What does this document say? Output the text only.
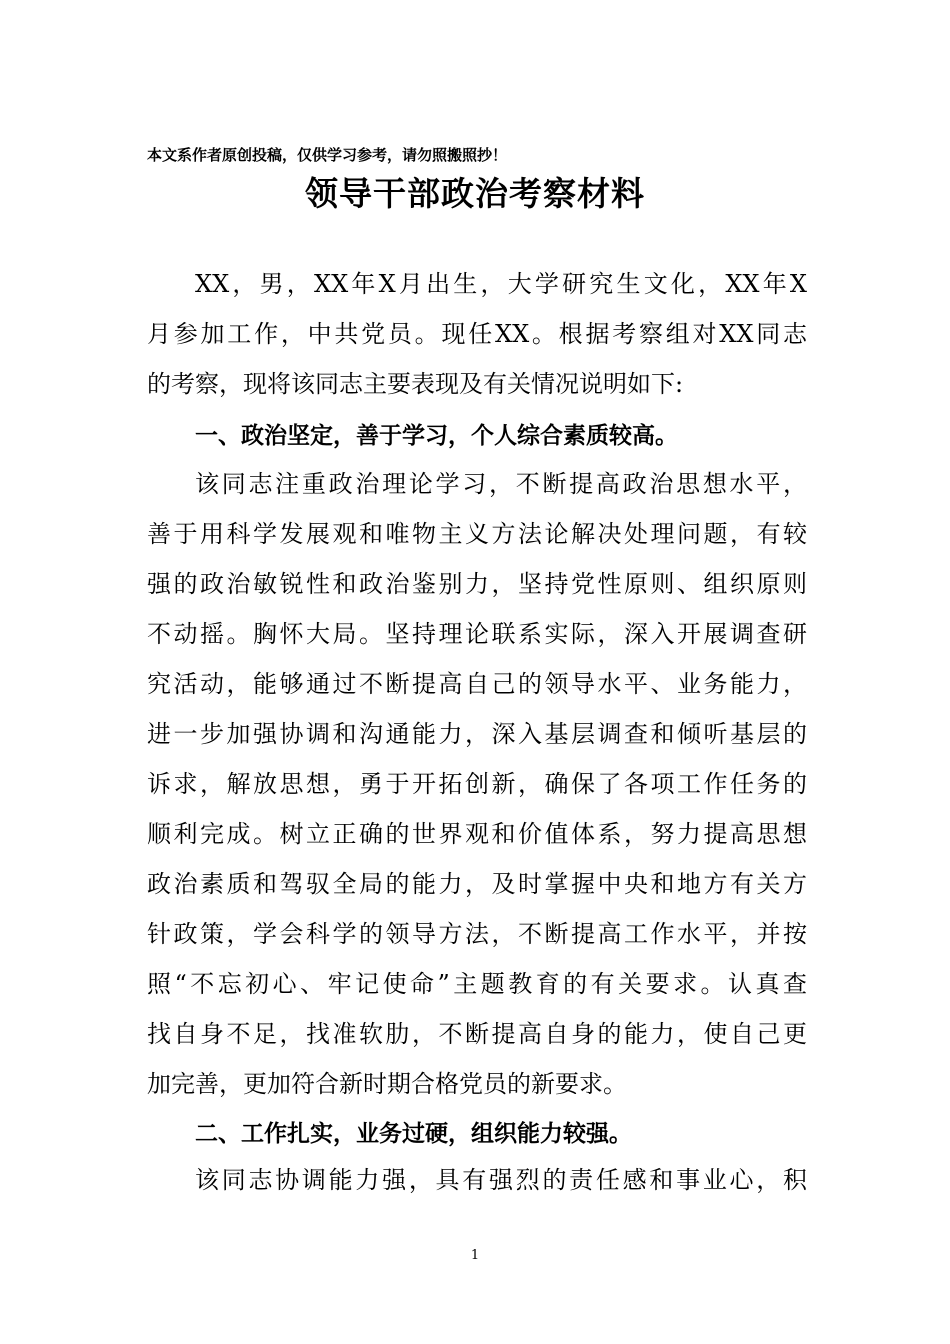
本文系作者原创投稿，仅供学习参考，请勿照搬照抄！
领导干部政治考察材料
XX，男，XX年X月出生，大学研究生文化，XX年X
月参加工作，中共党员。现任XX。根据考察组对XX同志
的考察，现将该同志主要表现及有关情况说明如下:
一、政治坚定，善于学习，个人综合素质较高。
该同志注重政治理论学习，不断提高政治思想水平，
善于用科学发展观和唯物主义方法论解决处理问题，有较
强的政治敏锐性和政治鉴别力，坚持党性原则、组织原则
不动摇。胸怀大局。坚持理论联系实际，深入开展调查研
究活动，能够通过不断提高自己的领导水平、业务能力，
进一步加强协调和沟通能力，深入基层调查和倾听基层的
诉求，解放思想，勇于开拓创新，确保了各项工作任务的
顺利完成。树立正确的世界观和价值体系，努力提高思想
政治素质和驾驭全局的能力，及时掌握中央和地方有关方
针政策，学会科学的领导方法，不断提高工作水平，并按
照“不忘初心、牢记使命”主题教育的有关要求。认真查
找自身不足，找准软肋，不断提高自身的能力，使自己更
加完善，更加符合新时期合格党员的新要求。
二、工作扎实，业务过硬，组织能力较强。
该同志协调能力强，具有强烈的责任感和事业心，积
1
